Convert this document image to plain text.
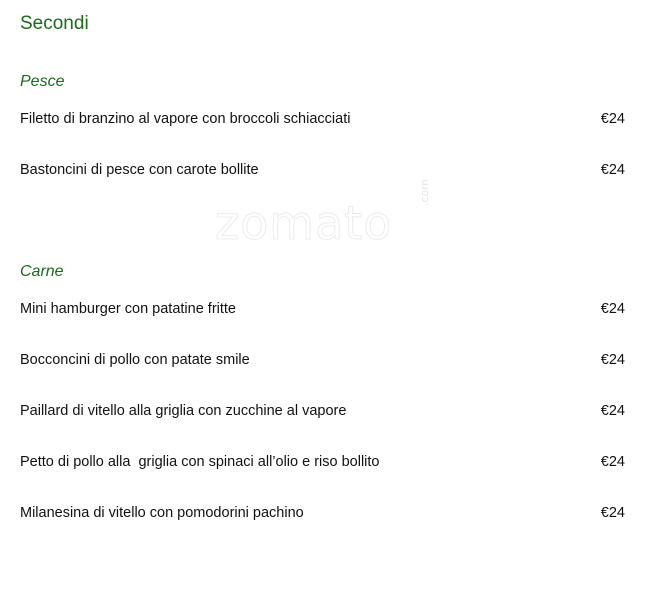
Secondi
zomato
.com
Pesce
Filetto di branzino al vapore con broccoli schiacciati	€24
Bastoncini di pesce con carote bollite	€24
Carne
Mini hamburger con patatine fritte	€24
Bocconcini di pollo con patate smile	€24
Paillard di vitello alla griglia con zucchine al vapore	€24
Petto di pollo alla  griglia con spinaci all’olio e riso bollito	€24
Milanesina di vitello con pomodorini pachino	€24
